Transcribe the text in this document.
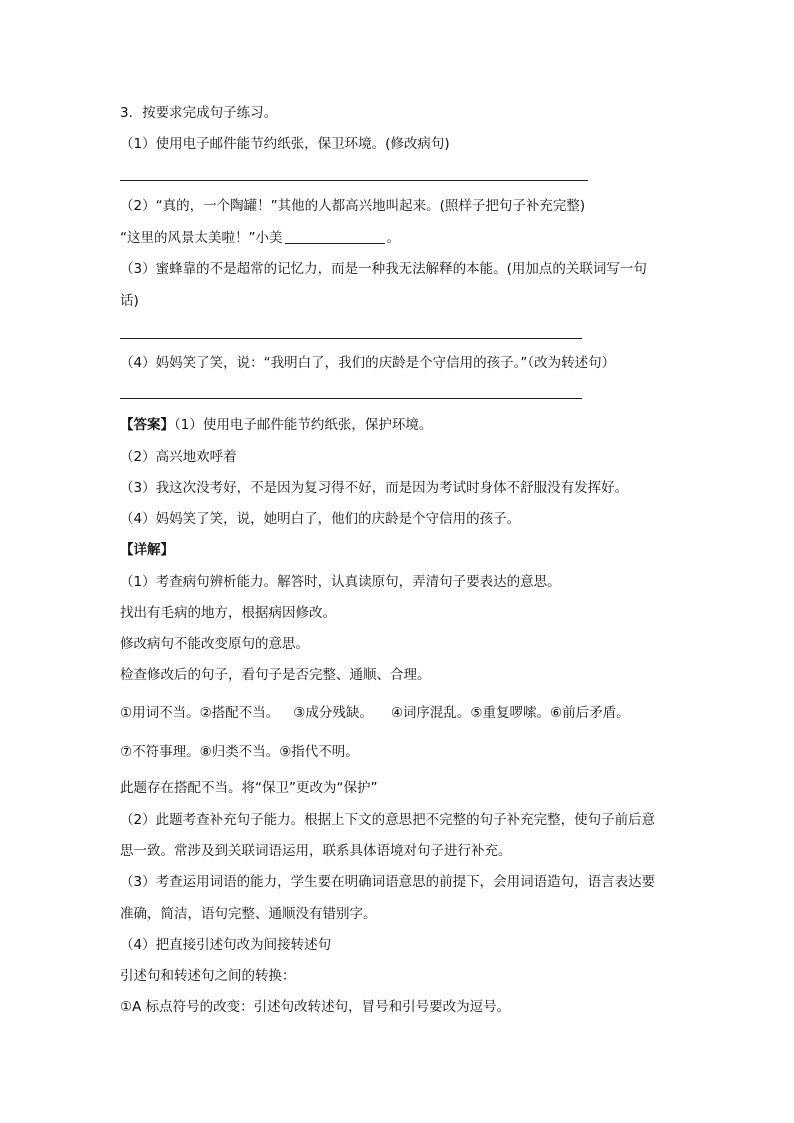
3．按要求完成句子练习。
（1）使用电子邮件能节约纸张，保卫环境。(修改病句)
（2）“真的，一个陶罐！”其他的人都高兴地叫起来。(照样子把句子补充完整)
“这里的风景太美啦！”小美	。
（3）蜜蜂靠的不是超常的记忆力，而是一种我无法解释的本能。(用加点的关联词写一句
话)
（4）妈妈笑了笑，说：“我明白了，我们的庆龄是个守信用的孩子。”（改为转述句）
【答案】（1）使用电子邮件能节约纸张，保护环境。
（2）高兴地欢呼着
（3）我这次没考好，不是因为复习得不好，而是因为考试时身体不舒服没有发挥好。
（4）妈妈笑了笑，说，她明白了，他们的庆龄是个守信用的孩子。
【详解】
（1）考查病句辨析能力。解答时，认真读原句，弄清句子要表达的意思。
找出有毛病的地方，根据病因修改。
修改病句不能改变原句的意思。
检查修改后的句子，看句子是否完整、通顺、合理。
①用词不当。②搭配不当。 ③成分残缺。 ④词序混乱。⑤重复啰嗦。⑥前后矛盾。
⑦不符事理。⑧归类不当。⑨指代不明。
此题存在搭配不当。将“保卫”更改为“保护”
（2）此题考查补充句子能力。根据上下文的意思把不完整的句子补充完整，使句子前后意
思一致。常涉及到关联词语运用，联系具体语境对句子进行补充。
（3）考查运用词语的能力，学生要在明确词语意思的前提下，会用词语造句，语言表达要
准确，简洁，语句完整、通顺没有错别字。
（4）把直接引述句改为间接转述句
引述句和转述句之间的转换：
①A 标点符号的改变：引述句改转述句，冒号和引号要改为逗号。
